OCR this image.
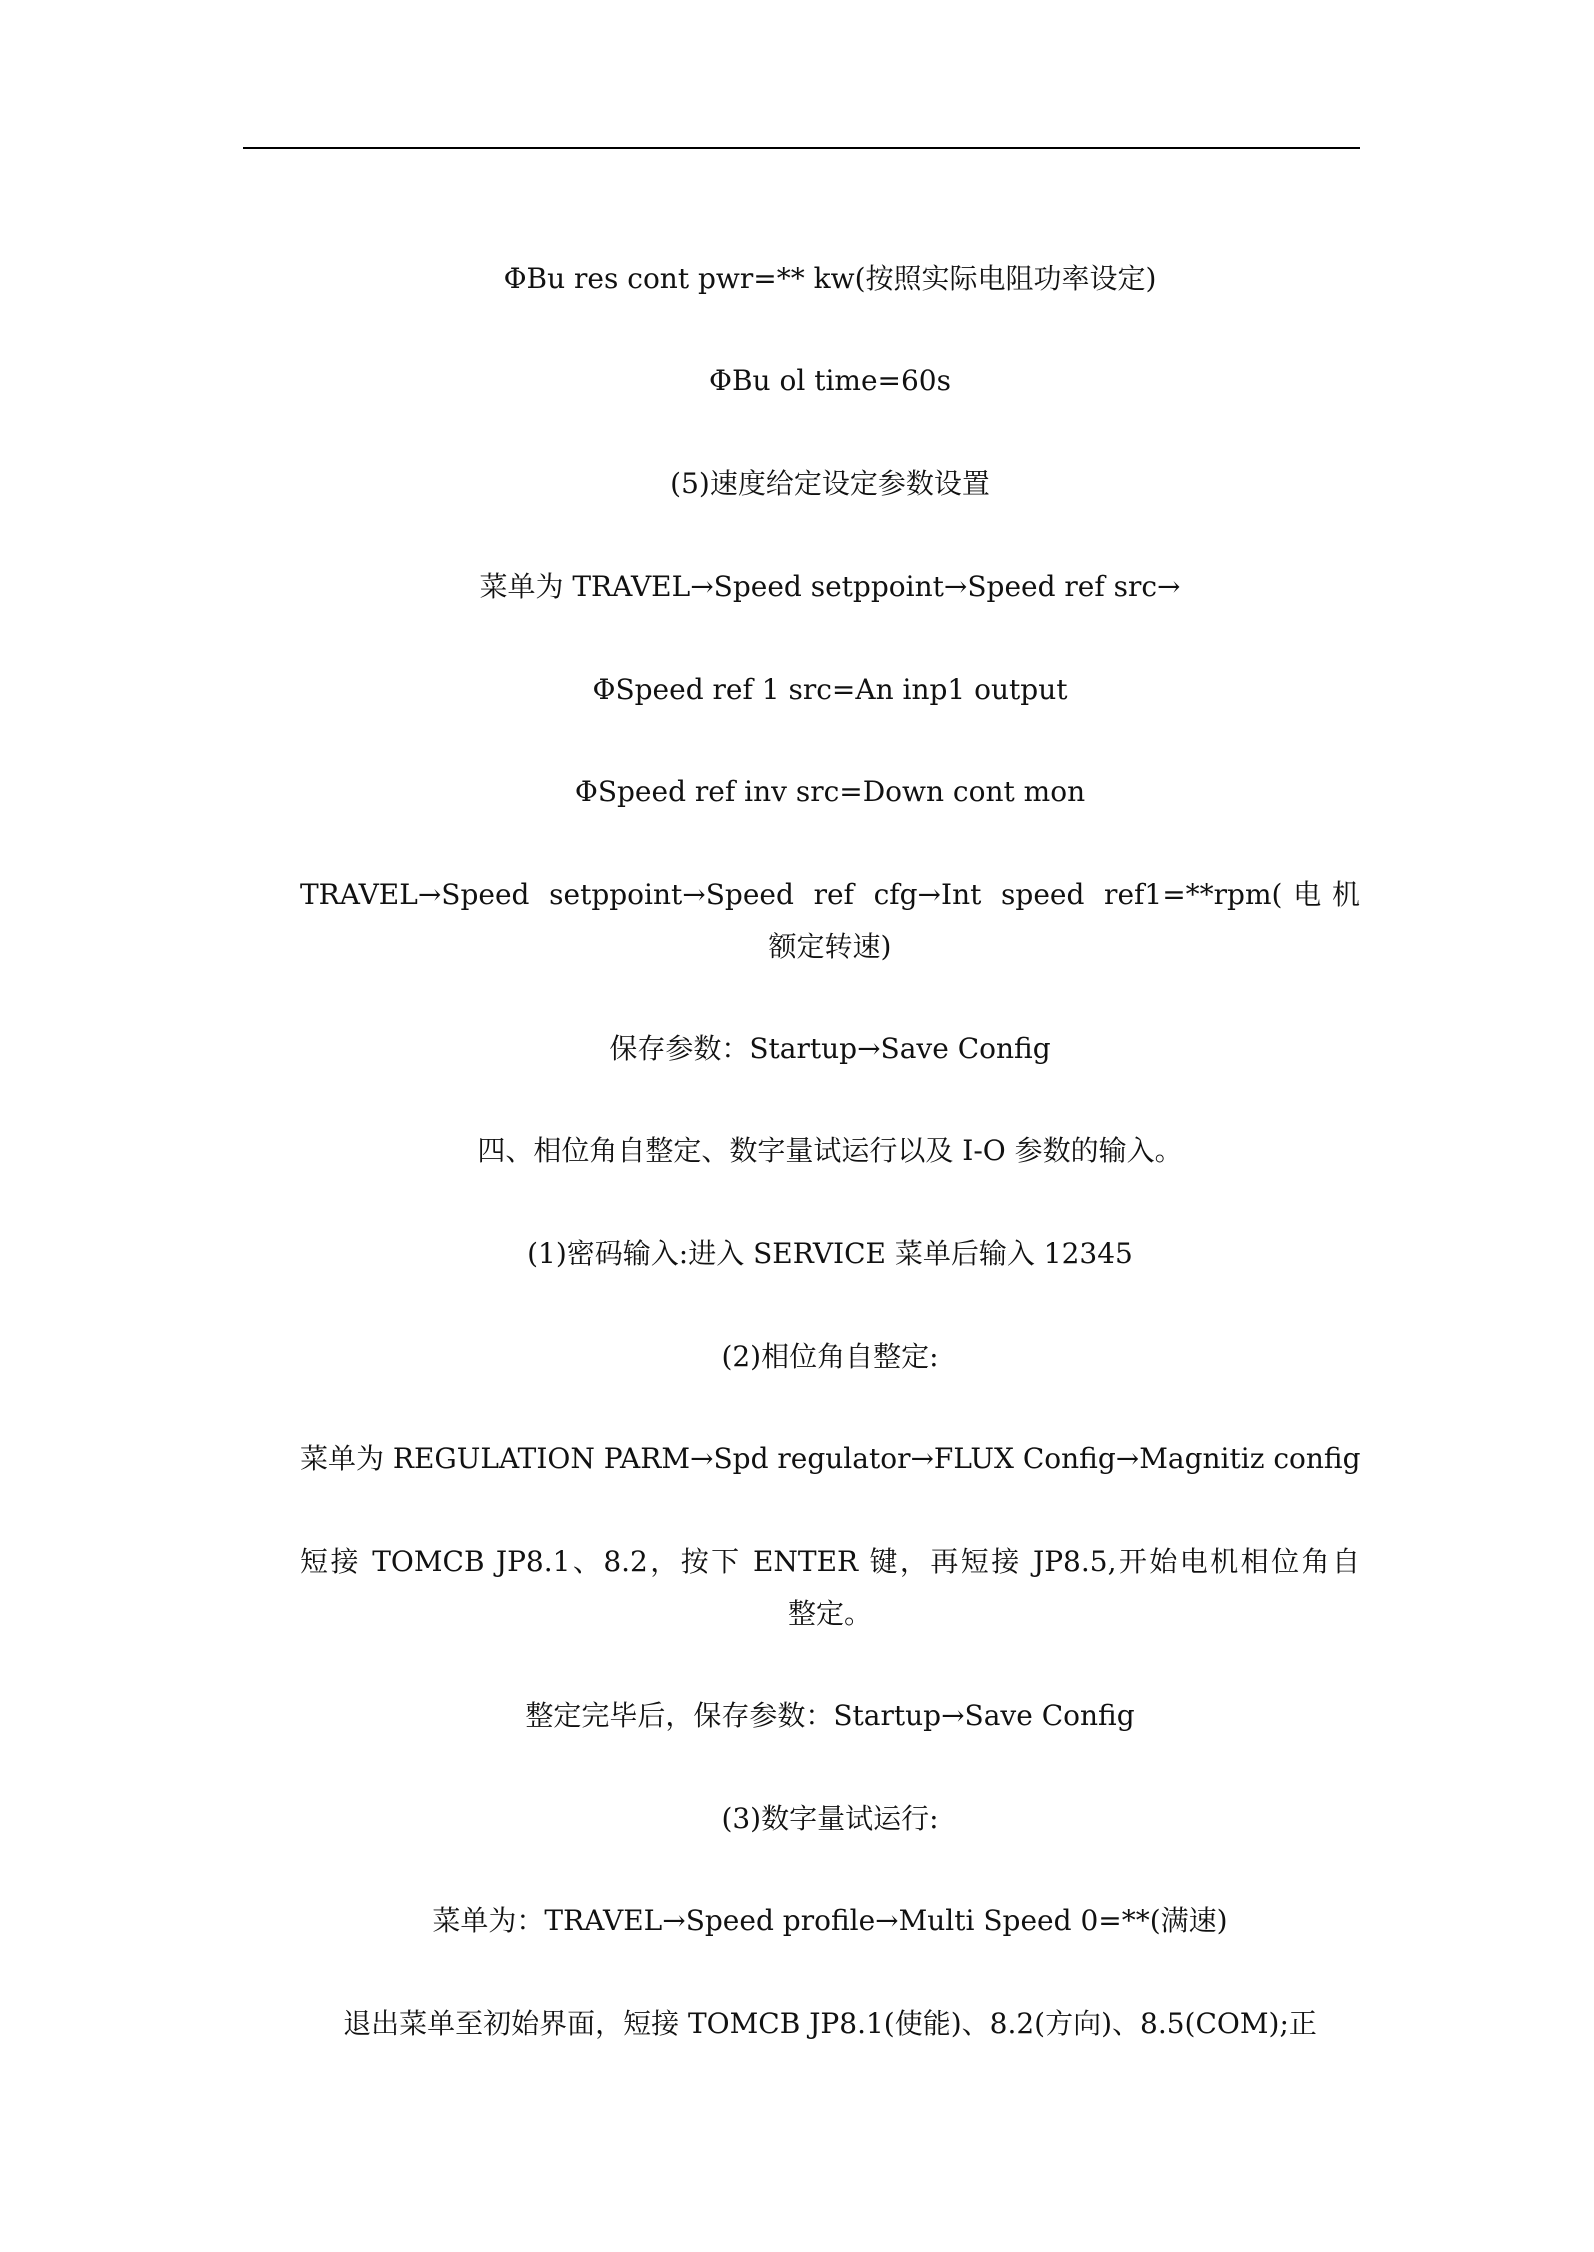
ΦBu res cont pwr=** kw(按照实际电阻功率设定)
ΦBu ol time=60s
(5)速度给定设定参数设置
菜单为 TRAVEL→Speed setppoint→Speed ref src→
ΦSpeed ref 1 src=An inp1 output
ΦSpeed ref inv src=Down cont mon
TRAVEL→Speed setppoint→Speed ref cfg→Int speed ref1=**rpm(电机
额定转速)
保存参数：Startup→Save Config
四、相位角自整定、数字量试运行以及 I-O 参数的输入。
(1)密码输入:进入 SERVICE 菜单后输入 12345
(2)相位角自整定:
菜单为 REGULATION PARM→Spd regulator→FLUX Config→Magnitiz config
短接 TOMCB JP8.1、8.2，按下 ENTER 键，再短接 JP8.5,开始电机相位角自
整定。
整定完毕后，保存参数：Startup→Save Config
(3)数字量试运行:
菜单为：TRAVEL→Speed profile→Multi Speed 0=**(满速)
退出菜单至初始界面，短接 TOMCB JP8.1(使能)、8.2(方向)、8.5(COM);正
